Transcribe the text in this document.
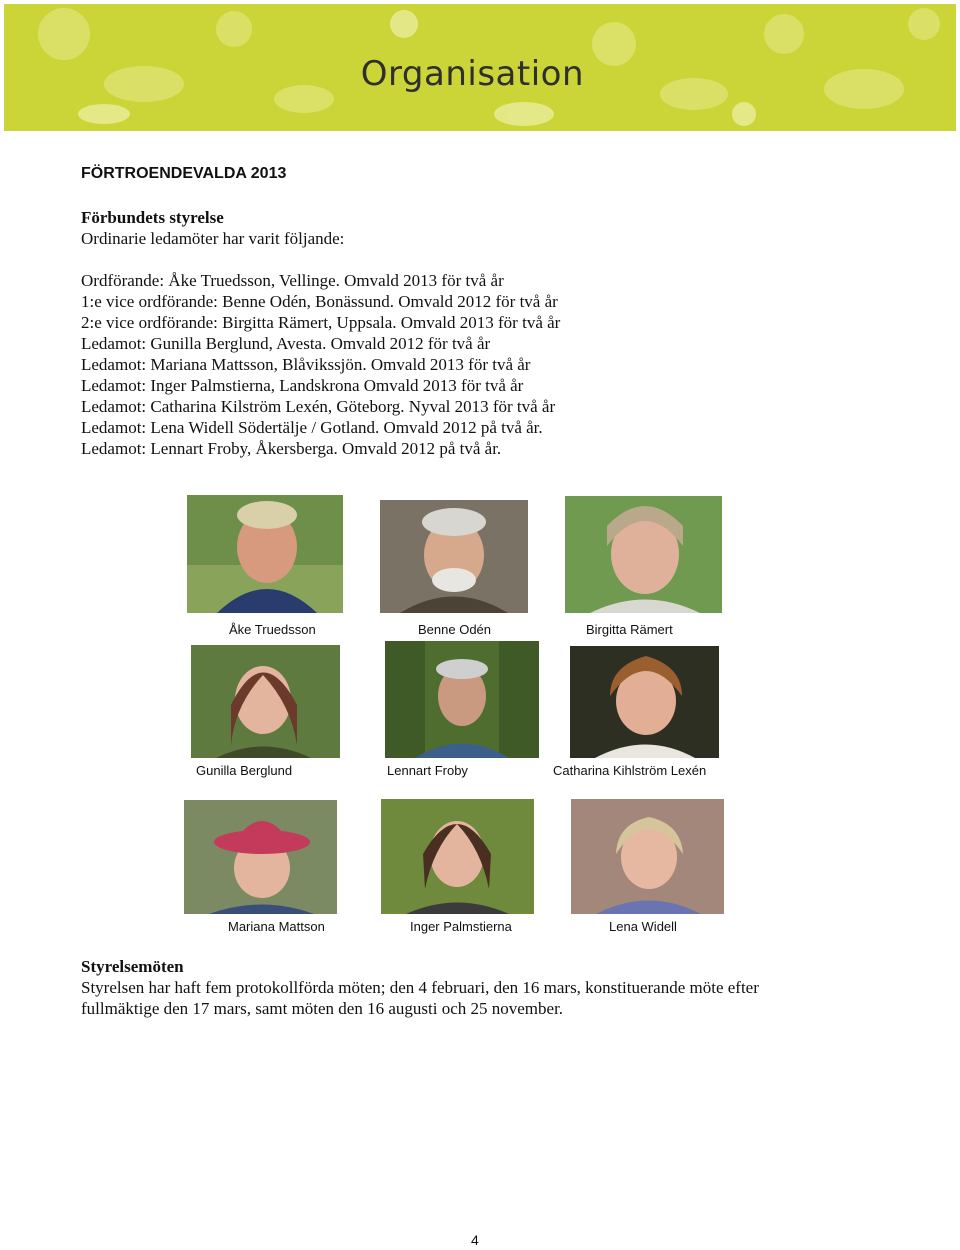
Organisation
FÖRTROENDEVALDA 2013
Förbundets styrelse
Ordinarie ledamöter har varit följande:
Ordförande: Åke Truedsson, Vellinge. Omvald 2013 för två år
1:e vice ordförande: Benne Odén, Bonässund. Omvald 2012 för två år
2:e vice ordförande: Birgitta Rämert, Uppsala. Omvald 2013 för två år
Ledamot: Gunilla Berglund, Avesta. Omvald 2012 för två år
Ledamot: Mariana Mattsson, Blåvikssjön. Omvald 2013 för två år
Ledamot: Inger Palmstierna, Landskrona Omvald 2013 för två år
Ledamot: Catharina Kilström Lexén, Göteborg. Nyval 2013 för två år
Ledamot: Lena Widell Södertälje / Gotland. Omvald 2012 på två år.
Ledamot: Lennart Froby, Åkersberga. Omvald 2012 på två år.
Åke Truedsson	Benne Odén	Birgitta Rämert
Gunilla Berglund	Lennart Froby	Catharina Kihlström Lexén
Mariana Mattson	Inger Palmstierna	Lena Widell
Styrelsemöten

Styrelsen har haft fem protokollförda möten; den 4 februari, den 16 mars, konstituerande möte efter

fullmäktige den 17 mars, samt möten den 16 augusti och 25 november.

4
